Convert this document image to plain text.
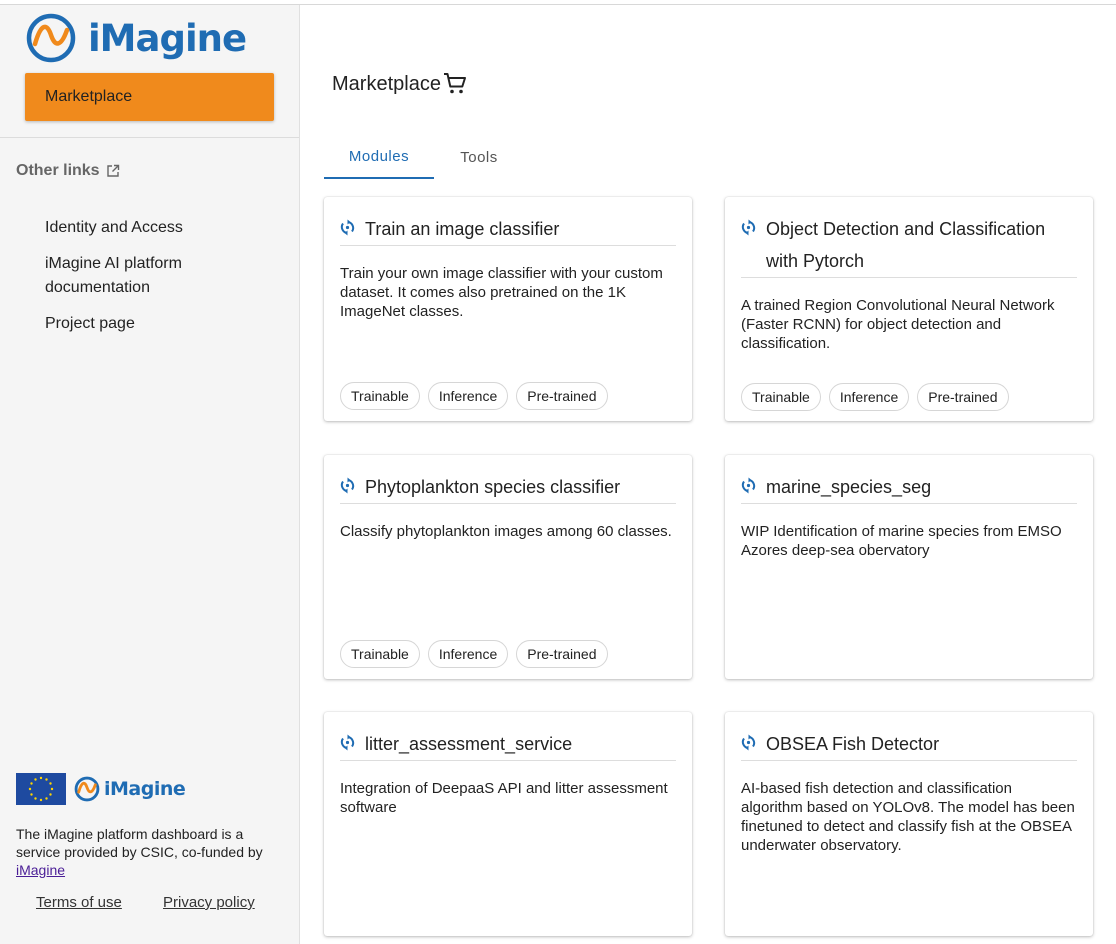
iMagine
Marketplace
Other links
Identity and Access
iMagine AI platform documentation
Project page
iMagine
The iMagine platform dashboard is a service provided by CSIC, co-funded by iMagine
Terms of use	Privacy policy
Marketplace
Modules	Tools
Train an image classifier
Train your own image classifier with your custom dataset. It comes also pretrained on the 1K ImageNet classes.
Trainable	Inference	Pre-trained
Object Detection and Classification with Pytorch
A trained Region Convolutional Neural Network (Faster RCNN) for object detection and classification.
Trainable	Inference	Pre-trained
Phytoplankton species classifier
Classify phytoplankton images among 60 classes.
Trainable	Inference	Pre-trained
marine_species_seg
WIP Identification of marine species from EMSO Azores deep-sea obervatory
litter_assessment_service
Integration of DeepaaS API and litter assessment software
OBSEA Fish Detector
AI-based fish detection and classification algorithm based on YOLOv8. The model has been finetuned to detect and classify fish at the OBSEA underwater observatory.
